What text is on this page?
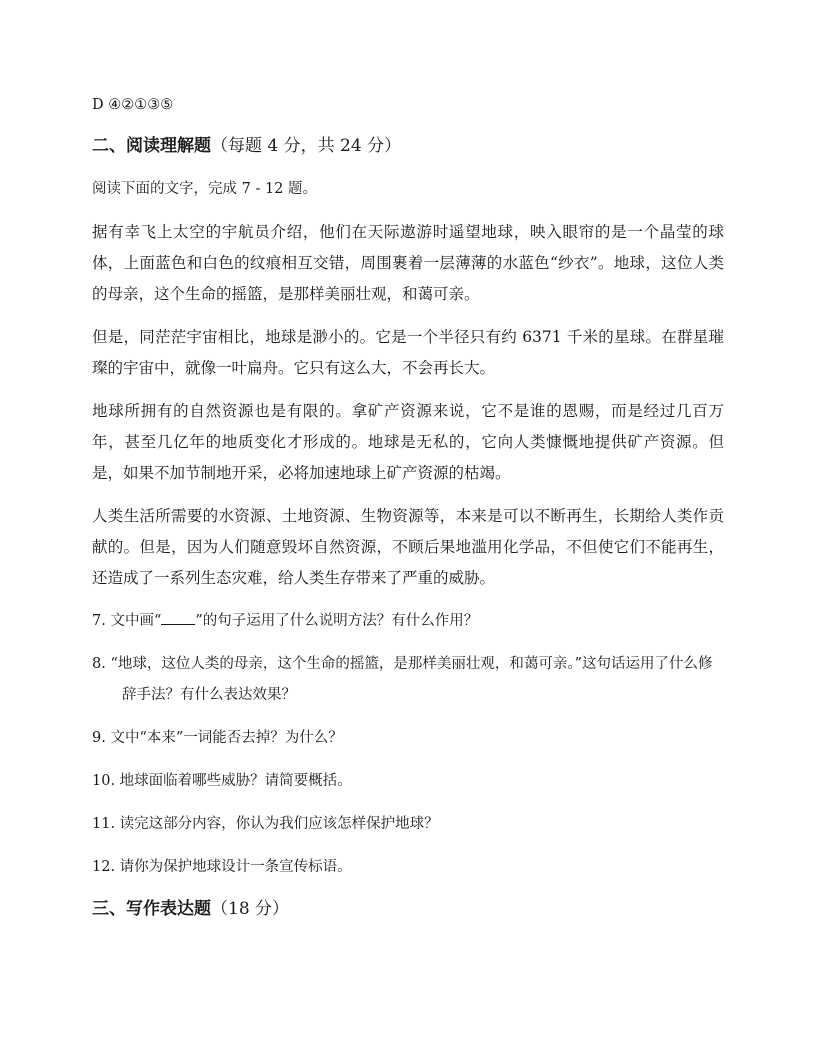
D ④②①③⑤

二、阅读理解题（每题 4 分，共 24 分）

阅读下面的文字，完成 7 - 12 题。

据有幸飞上太空的宇航员介绍，他们在天际遨游时遥望地球，映入眼帘的是一个晶莹的球体，上面蓝色和白色的纹痕相互交错，周围裹着一层薄薄的水蓝色“纱衣”。地球，这位人类的母亲，这个生命的摇篮，是那样美丽壮观，和蔼可亲。

但是，同茫茫宇宙相比，地球是渺小的。它是一个半径只有约 6371 千米的星球。在群星璀璨的宇宙中，就像一叶扁舟。它只有这么大，不会再长大。

地球所拥有的自然资源也是有限的。拿矿产资源来说，它不是谁的恩赐，而是经过几百万年，甚至几亿年的地质变化才形成的。地球是无私的，它向人类慷慨地提供矿产资源。但是，如果不加节制地开采，必将加速地球上矿产资源的枯竭。

人类生活所需要的水资源、土地资源、生物资源等，本来是可以不断再生，长期给人类作贡献的。但是，因为人们随意毁坏自然资源，不顾后果地滥用化学品，不但使它们不能再生，还造成了一系列生态灾难，给人类生存带来了严重的威胁。

7. 文中画“ ”的句子运用了什么说明方法？有什么作用？

8. “地球，这位人类的母亲，这个生命的摇篮，是那样美丽壮观，和蔼可亲。”这句话运用了什么修辞手法？有什么表达效果？

9. 文中“本来”一词能否去掉？为什么？

10. 地球面临着哪些威胁？请简要概括。

11. 读完这部分内容，你认为我们应该怎样保护地球？

12. 请你为保护地球设计一条宣传标语。

三、写作表达题（18 分）
